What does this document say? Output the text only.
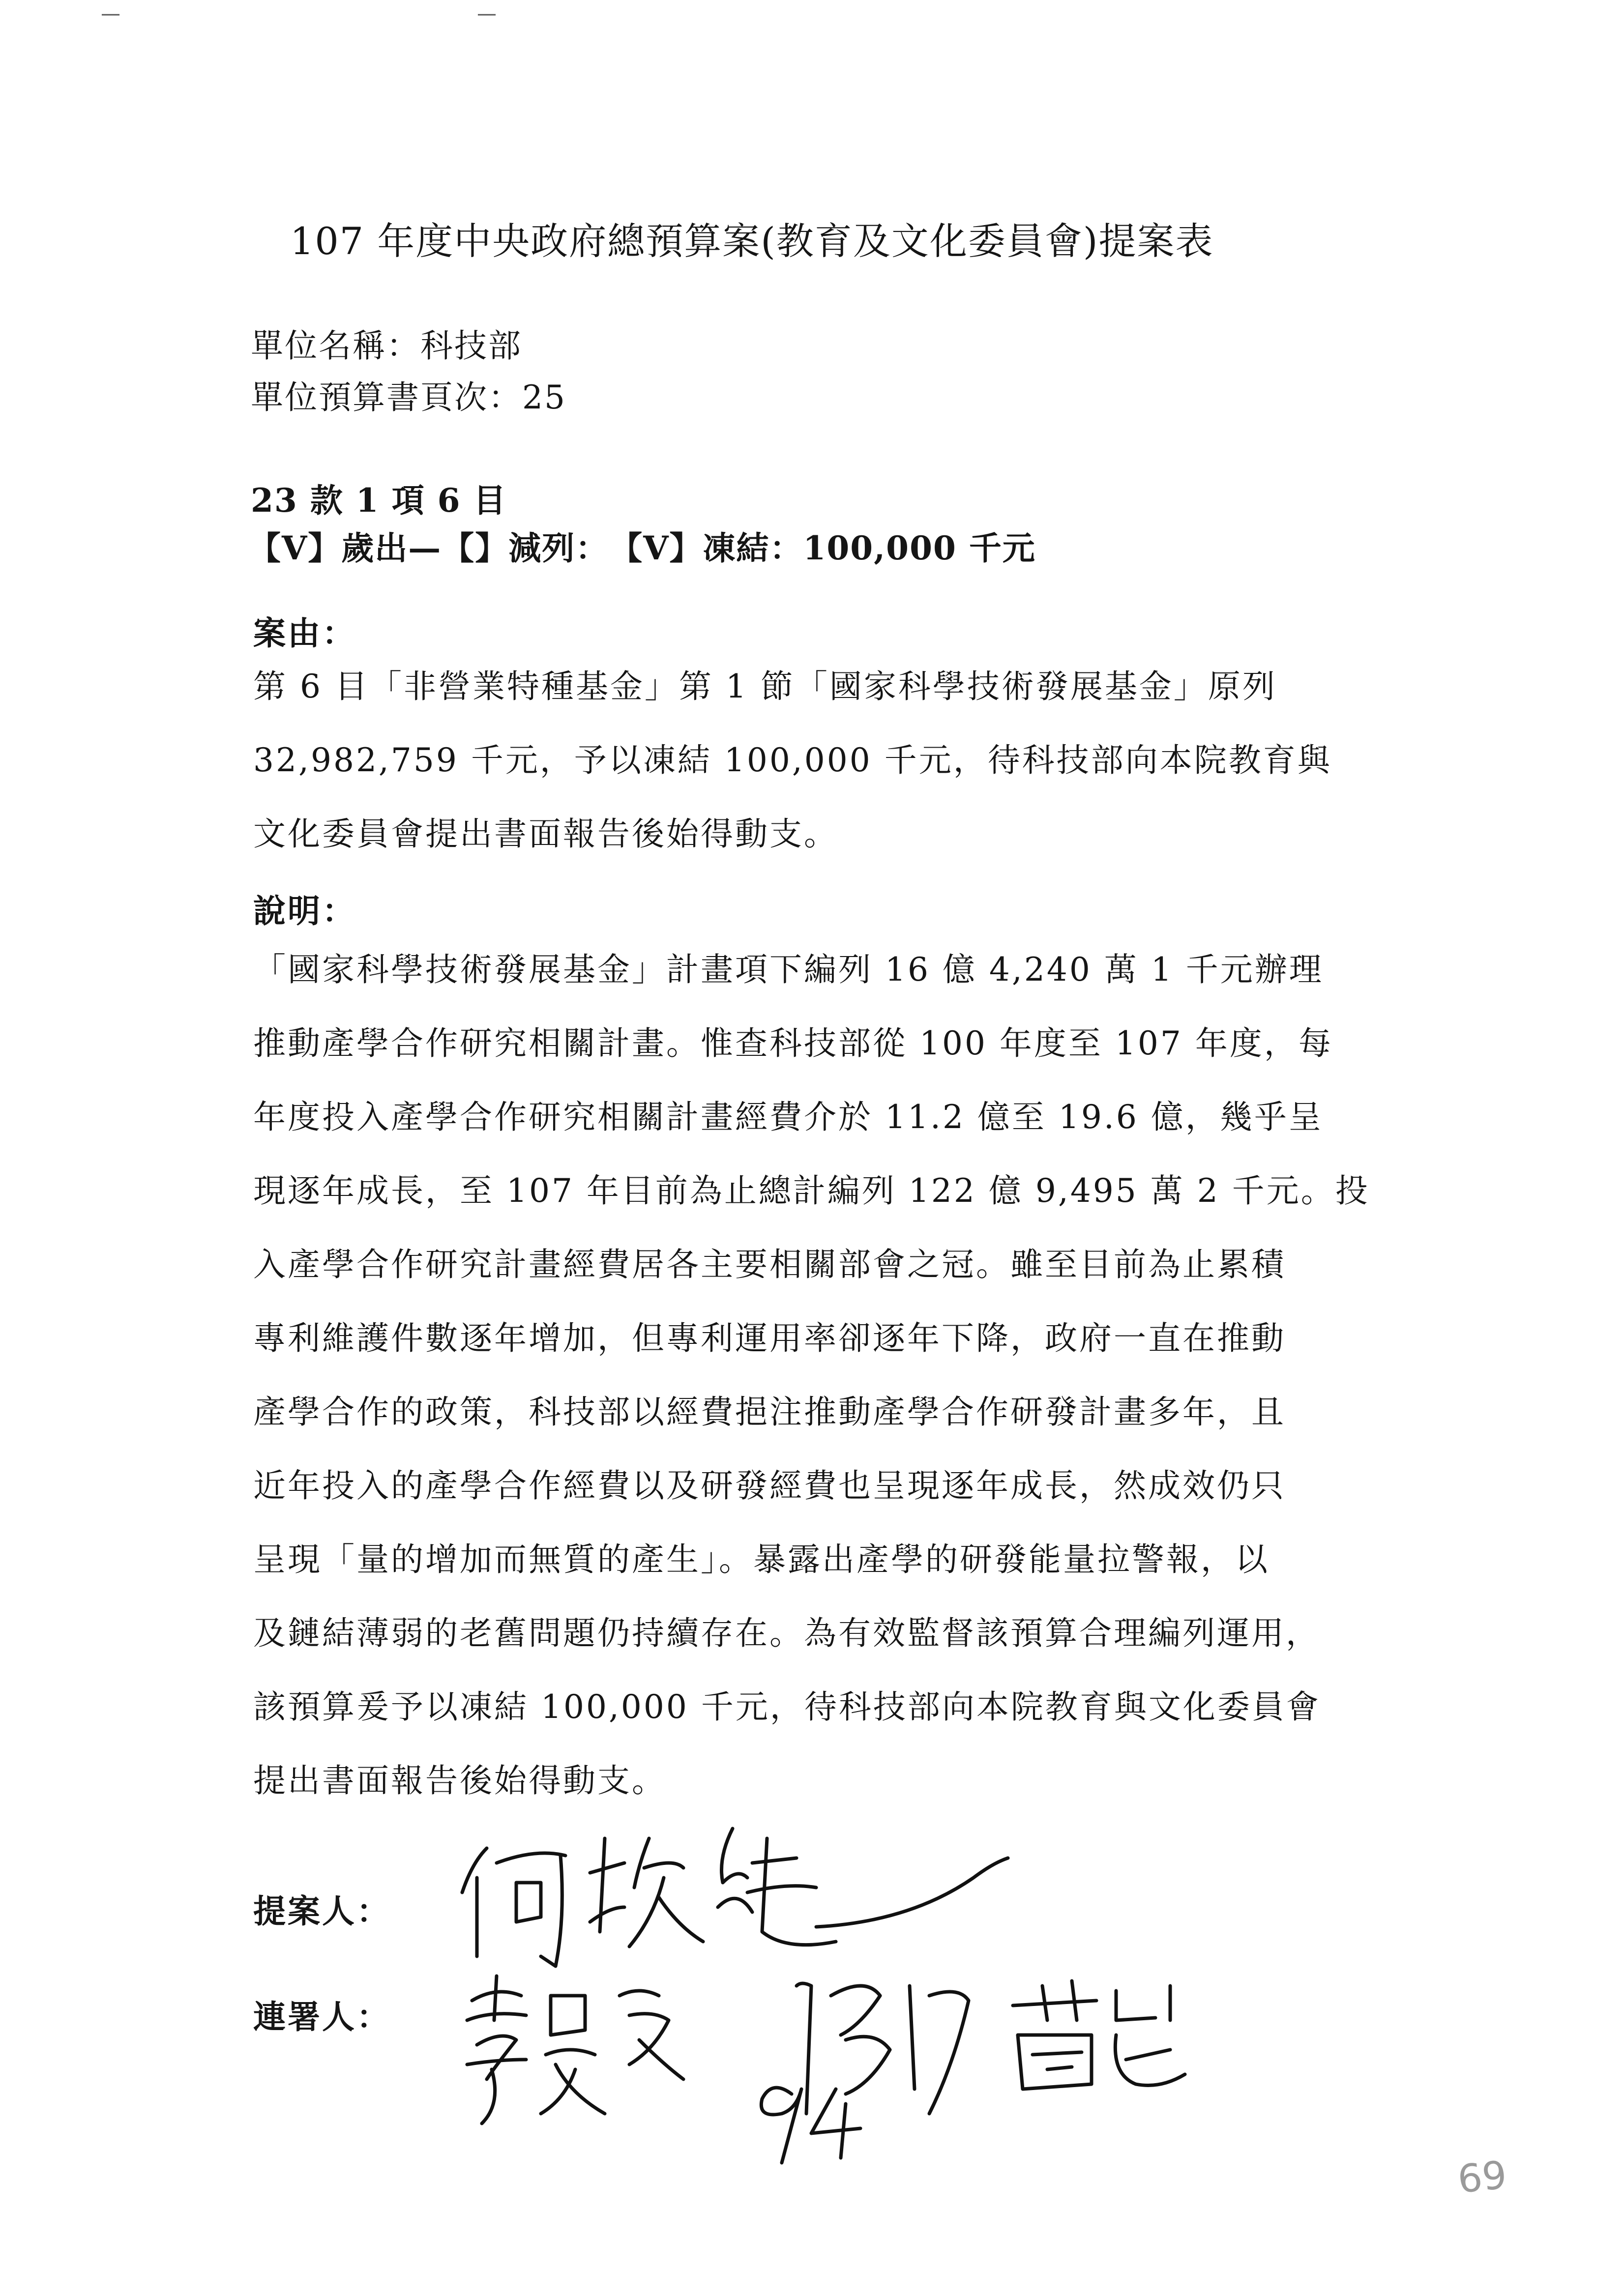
—	—
107 年度中央政府總預算案(教育及文化委員會)提案表
單位名稱：科技部
單位預算書頁次：25
23 款 1 項 6 目
【V】歲出—【】減列：　【V】凍結：100,000 千元
案由：
第 6 目「非營業特種基金」第 1 節「國家科學技術發展基金」原列
32,982,759 千元，予以凍結 100,000 千元，待科技部向本院教育與
文化委員會提出書面報告後始得動支。
說明：
「國家科學技術發展基金」計畫項下編列 16 億 4,240 萬 1 千元辦理
推動產學合作研究相關計畫。惟查科技部從 100 年度至 107 年度，每
年度投入產學合作研究相關計畫經費介於 11.2 億至 19.6 億，幾乎呈
現逐年成長，至 107 年目前為止總計編列 122 億 9,495 萬 2 千元。投
入產學合作研究計畫經費居各主要相關部會之冠。雖至目前為止累積
專利維護件數逐年增加，但專利運用率卻逐年下降，政府一直在推動
產學合作的政策，科技部以經費挹注推動產學合作研發計畫多年，且
近年投入的產學合作經費以及研發經費也呈現逐年成長，然成效仍只
呈現「量的增加而無質的產生」。暴露出產學的研發能量拉警報，以
及鏈結薄弱的老舊問題仍持續存在。為有效監督該預算合理編列運用，
該預算爰予以凍結 100,000 千元，待科技部向本院教育與文化委員會
提出書面報告後始得動支。
提案人：
連署人：
69
